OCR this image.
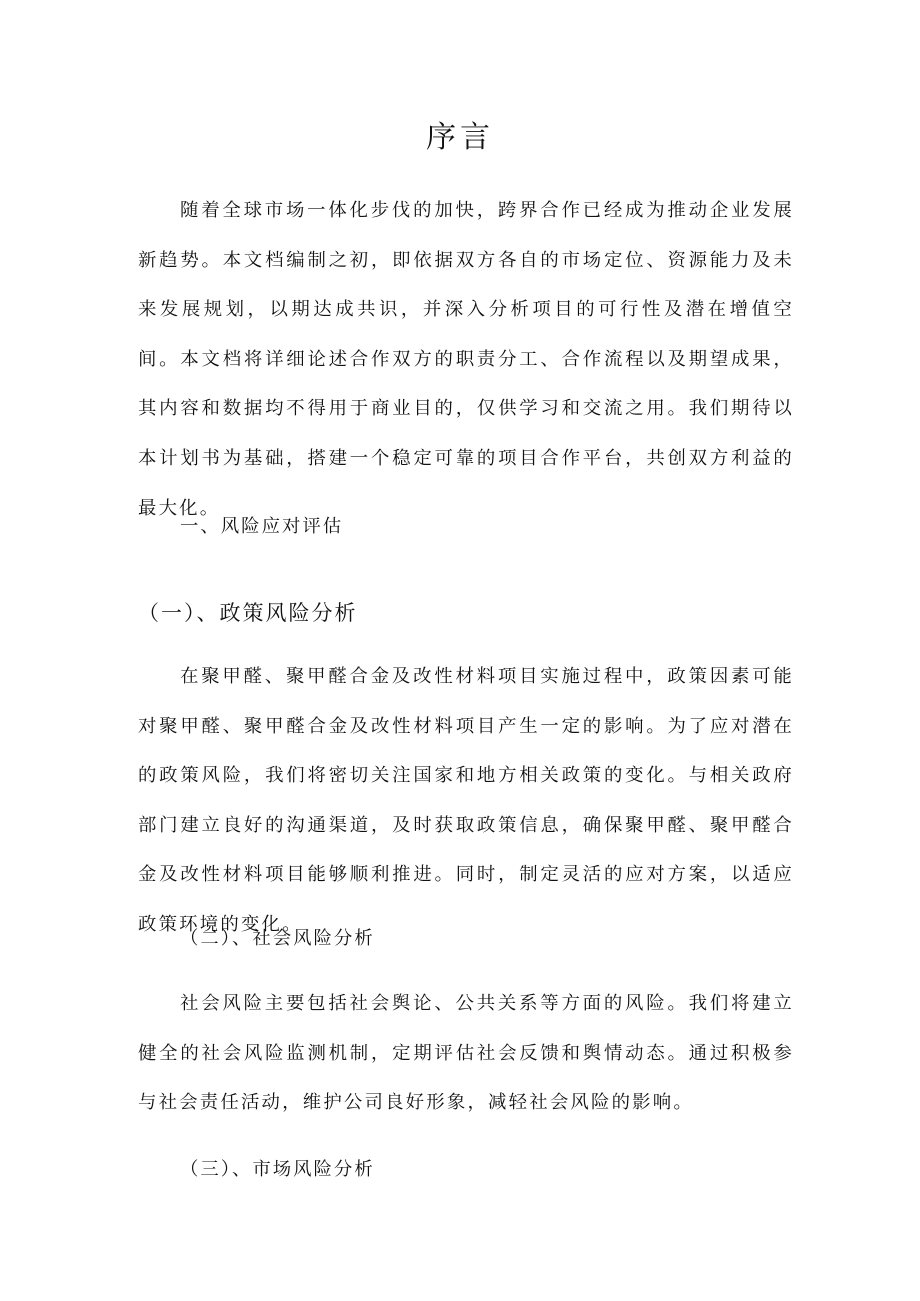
序言

随着全球市场一体化步伐的加快，跨界合作已经成为推动企业发展新趋势。本文档编制之初，即依据双方各自的市场定位、资源能力及未来发展规划，以期达成共识，并深入分析项目的可行性及潜在增值空间。本文档将详细论述合作双方的职责分工、合作流程以及期望成果，其内容和数据均不得用于商业目的，仅供学习和交流之用。我们期待以本计划书为基础，搭建一个稳定可靠的项目合作平台，共创双方利益的最大化。

一、风险应对评估
（一）、政策风险分析

在聚甲醛、聚甲醛合金及改性材料项目实施过程中，政策因素可能对聚甲醛、聚甲醛合金及改性材料项目产生一定的影响。为了应对潜在的政策风险，我们将密切关注国家和地方相关政策的变化。与相关政府部门建立良好的沟通渠道，及时获取政策信息，确保聚甲醛、聚甲醛合金及改性材料项目能够顺利推进。同时，制定灵活的应对方案，以适应政策环境的变化。

（二）、社会风险分析

社会风险主要包括社会舆论、公共关系等方面的风险。我们将建立健全的社会风险监测机制，定期评估社会反馈和舆情动态。通过积极参与社会责任活动，维护公司良好形象，减轻社会风险的影响。

（三）、市场风险分析
